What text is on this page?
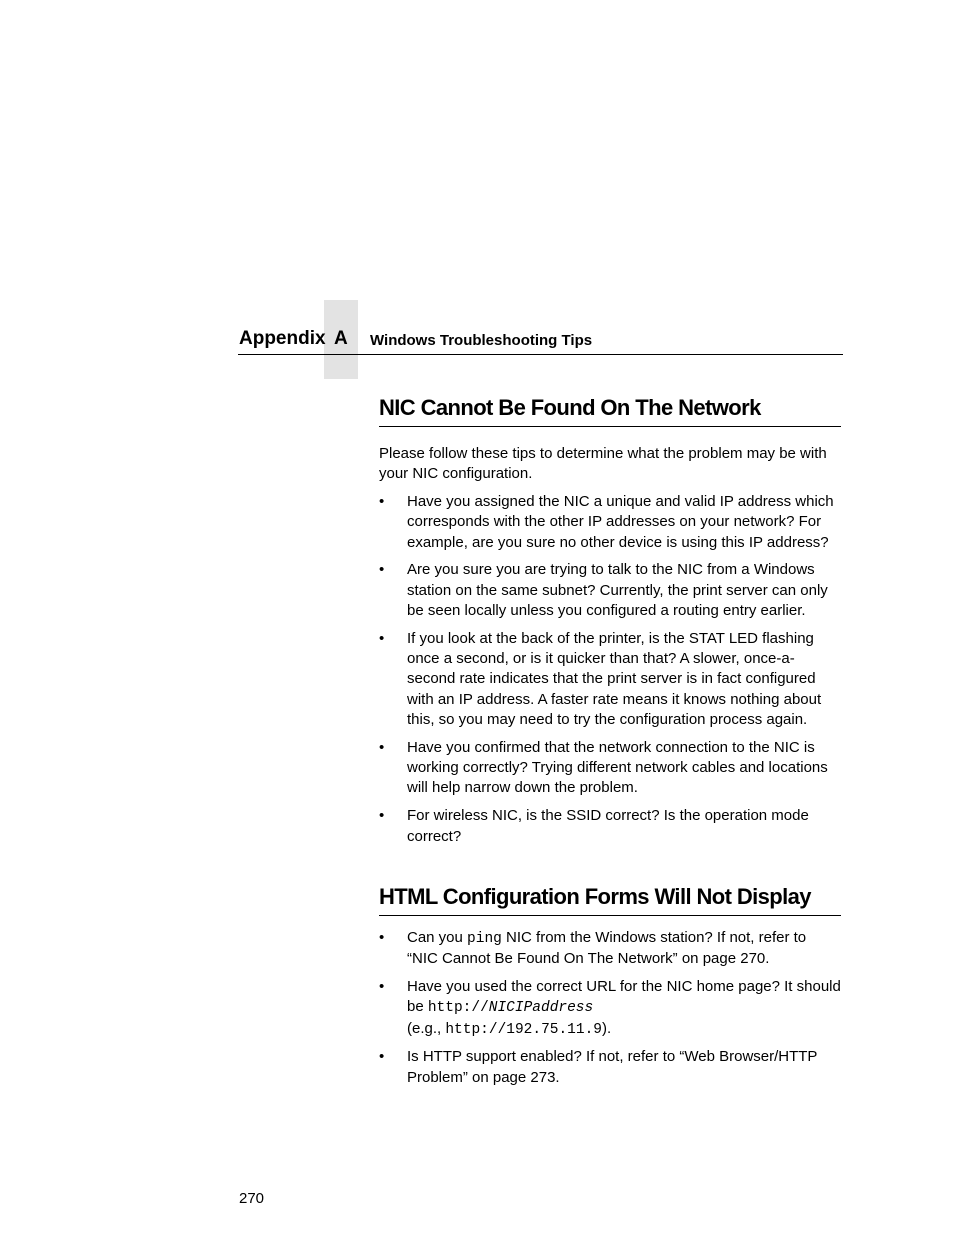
Appendix A Windows Troubleshooting Tips
NIC Cannot Be Found On The Network

Please follow these tips to determine what the problem may be with your NIC configuration.

• Have you assigned the NIC a unique and valid IP address which corresponds with the other IP addresses on your network? For example, are you sure no other device is using this IP address?
• Are you sure you are trying to talk to the NIC from a Windows station on the same subnet? Currently, the print server can only be seen locally unless you configured a routing entry earlier.
• If you look at the back of the printer, is the STAT LED flashing once a second, or is it quicker than that? A slower, once-a-second rate indicates that the print server is in fact configured with an IP address. A faster rate means it knows nothing about this, so you may need to try the configuration process again.
• Have you confirmed that the network connection to the NIC is working correctly? Trying different network cables and locations will help narrow down the problem.
• For wireless NIC, is the SSID correct? Is the operation mode correct?
HTML Configuration Forms Will Not Display
• Can you ping NIC from the Windows station? If not, refer to “NIC Cannot Be Found On The Network” on page 270.
• Have you used the correct URL for the NIC home page? It should be http://NICIPaddress
(e.g., http://192.75.11.9).
• Is HTTP support enabled? If not, refer to “Web Browser/HTTP Problem” on page 273.
270
